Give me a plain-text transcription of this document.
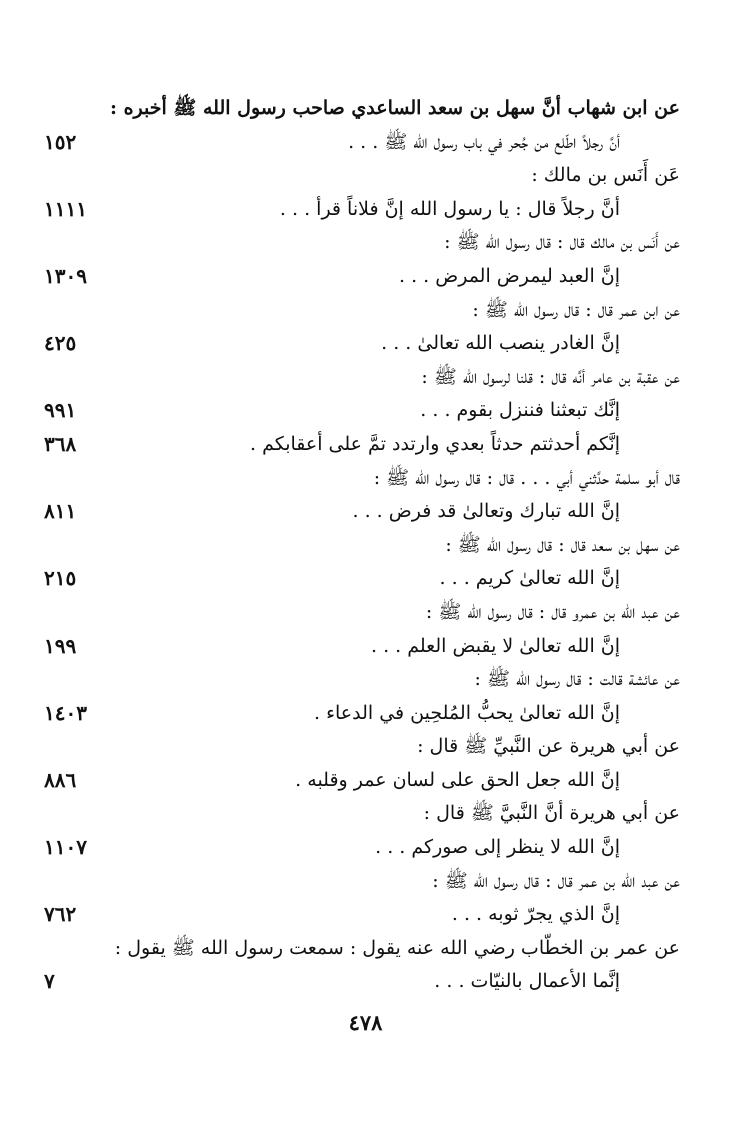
عن ابن شهاب أنَّ سهل بن سعد الساعدي صاحب رسول الله ﷺ أخبره :
أنَّ رجلاً اطّلع من جُحر في باب رسول الله ﷺ . . .
١٥٢
عَن أَنَس بن مالك :
أنَّ رجلاً قال : يا رسول الله إنَّ فلاناً قرأ . . .
١١١١
عن أَنَس بن مالك قال : قال رسول الله ﷺ :
إنَّ العبد ليمرض المرض . . .
١٣٠٩
عن ابن عمر قال : قال رسول الله ﷺ :
إنَّ الغادر ينصب الله تعالىٰ . . .
٤٢٥
عن عقبة بن عامر أنَّه قال : قلنا لرسول الله ﷺ :
إنَّك تبعثنا فننزل بقوم . . .
٩٩١
إنَّكم أحدثتم حدثاً بعدي وارتدد تمَّ على أعقابكم .
٣٦٨
قال أبو سلمة حدَّثني أبي . . . قال : قال رسول الله ﷺ :
إنَّ الله تبارك وتعالىٰ قد فرض . . .
٨١١
عن سهل بن سعد قال : قال رسول الله ﷺ :
إنَّ الله تعالىٰ كريم . . .
٢١٥
عن عبد الله بن عمرو قال : قال رسول الله ﷺ :
إنَّ الله تعالىٰ لا يقبض العلم . . .
١٩٩
عن عائشة قالت : قال رسول الله ﷺ :
إنَّ الله تعالىٰ يحبُّ المُلحِين في الدعاء .
١٤٠٣
عن أبي هريرة عن النَّبيِّ ﷺ قال :
إنَّ الله جعل الحق على لسان عمر وقلبه .
٨٨٦
عن أبي هريرة أنَّ النَّبيَّ ﷺ قال :
إنَّ الله لا ينظر إلى صوركم . . .
١١٠٧
عن عبد الله بن عمر قال : قال رسول الله ﷺ :
إنَّ الذي يجرّ ثوبه . . .
٧٦٢
عن عمر بن الخطّاب رضي الله عنه يقول : سمعت رسول الله ﷺ يقول :
إنَّما الأعمال بالنيّات . . .
٧
٤٧٨
